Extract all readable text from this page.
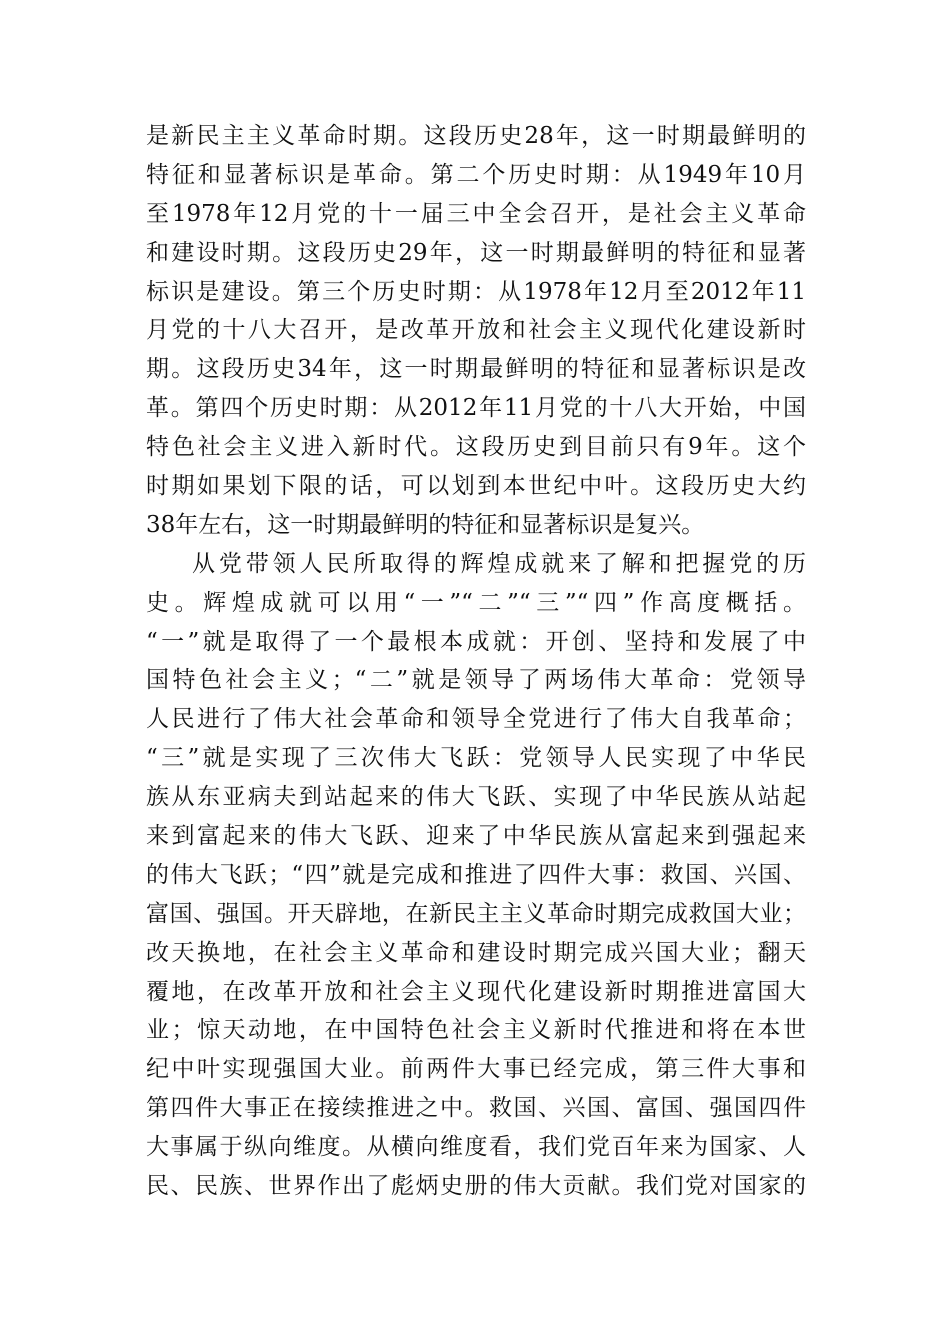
是新民主主义革命时期。这段历史28年，这一时期最鲜明的
特征和显著标识是革命。第二个历史时期：从1949年10月
至1978年12月党的十一届三中全会召开，是社会主义革命
和建设时期。这段历史29年，这一时期最鲜明的特征和显著
标识是建设。第三个历史时期：从1978年12月至2012年11
月党的十八大召开，是改革开放和社会主义现代化建设新时
期。这段历史34年，这一时期最鲜明的特征和显著标识是改
革。第四个历史时期：从2012年11月党的十八大开始，中国
特色社会主义进入新时代。这段历史到目前只有9年。这个
时期如果划下限的话，可以划到本世纪中叶。这段历史大约
38年左右，这一时期最鲜明的特征和显著标识是复兴。
从党带领人民所取得的辉煌成就来了解和把握党的历
史。辉煌成就可以用“一”“二”“三”“四”作高度概括。
“一”就是取得了一个最根本成就：开创、坚持和发展了中
国特色社会主义；“二”就是领导了两场伟大革命：党领导
人民进行了伟大社会革命和领导全党进行了伟大自我革命；
“三”就是实现了三次伟大飞跃：党领导人民实现了中华民
族从东亚病夫到站起来的伟大飞跃、实现了中华民族从站起
来到富起来的伟大飞跃、迎来了中华民族从富起来到强起来
的伟大飞跃；“四”就是完成和推进了四件大事：救国、兴国、
富国、强国。开天辟地，在新民主主义革命时期完成救国大业；
改天换地，在社会主义革命和建设时期完成兴国大业；翻天
覆地，在改革开放和社会主义现代化建设新时期推进富国大
业；惊天动地，在中国特色社会主义新时代推进和将在本世
纪中叶实现强国大业。前两件大事已经完成，第三件大事和
第四件大事正在接续推进之中。救国、兴国、富国、强国四件
大事属于纵向维度。从横向维度看，我们党百年来为国家、人
民、民族、世界作出了彪炳史册的伟大贡献。我们党对国家的
